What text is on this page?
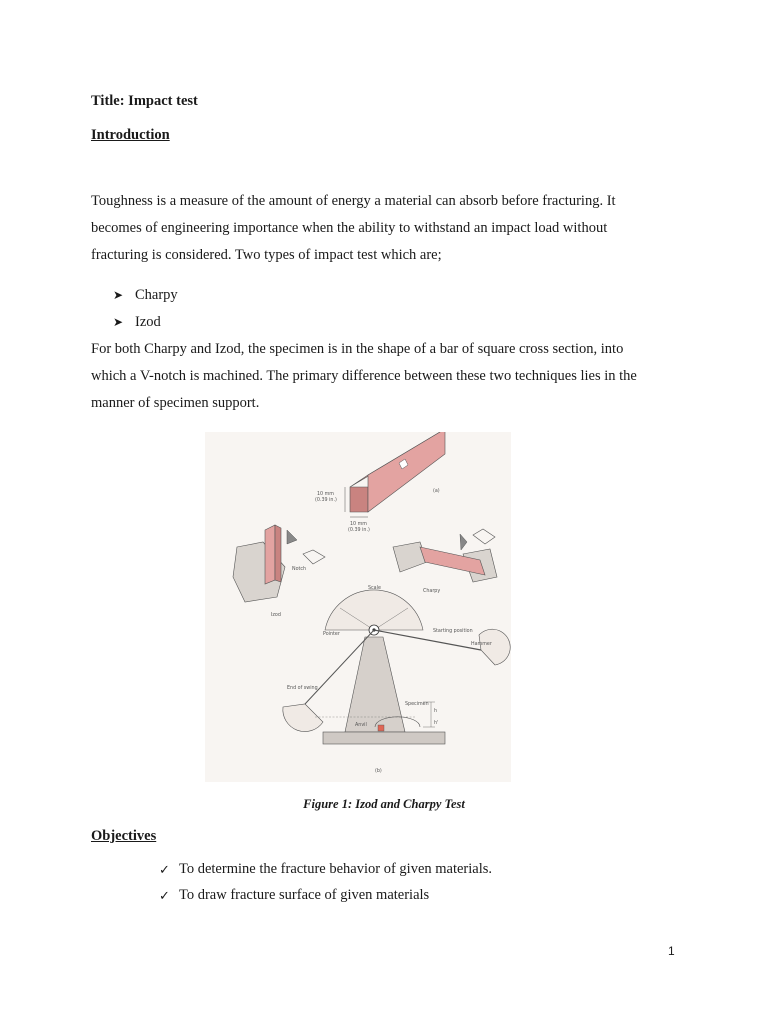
Title: Impact test
Introduction
Toughness is a measure of the amount of energy a material can absorb before fracturing. It
becomes of engineering importance when the ability to withstand an impact load without
fracturing is considered. Two types of impact test which are;
➤ Charpy
➤ Izod
For both Charpy and Izod, the specimen is in the shape of a bar of square cross section, into
which a V-notch is machined. The primary difference between these two techniques lies in the
manner of specimen support.
10 mm
(0.39 in.)
10 mm
(0.39 in.)
(a)
Notch
Izod
Charpy
Scale
Pointer
Starting position
Hammer
End of swing
Specimen
Anvil
h
h'
(b)
Figure 1: Izod and Charpy Test
Objectives
✓ To determine the fracture behavior of given materials.
✓ To draw fracture surface of given materials
1
